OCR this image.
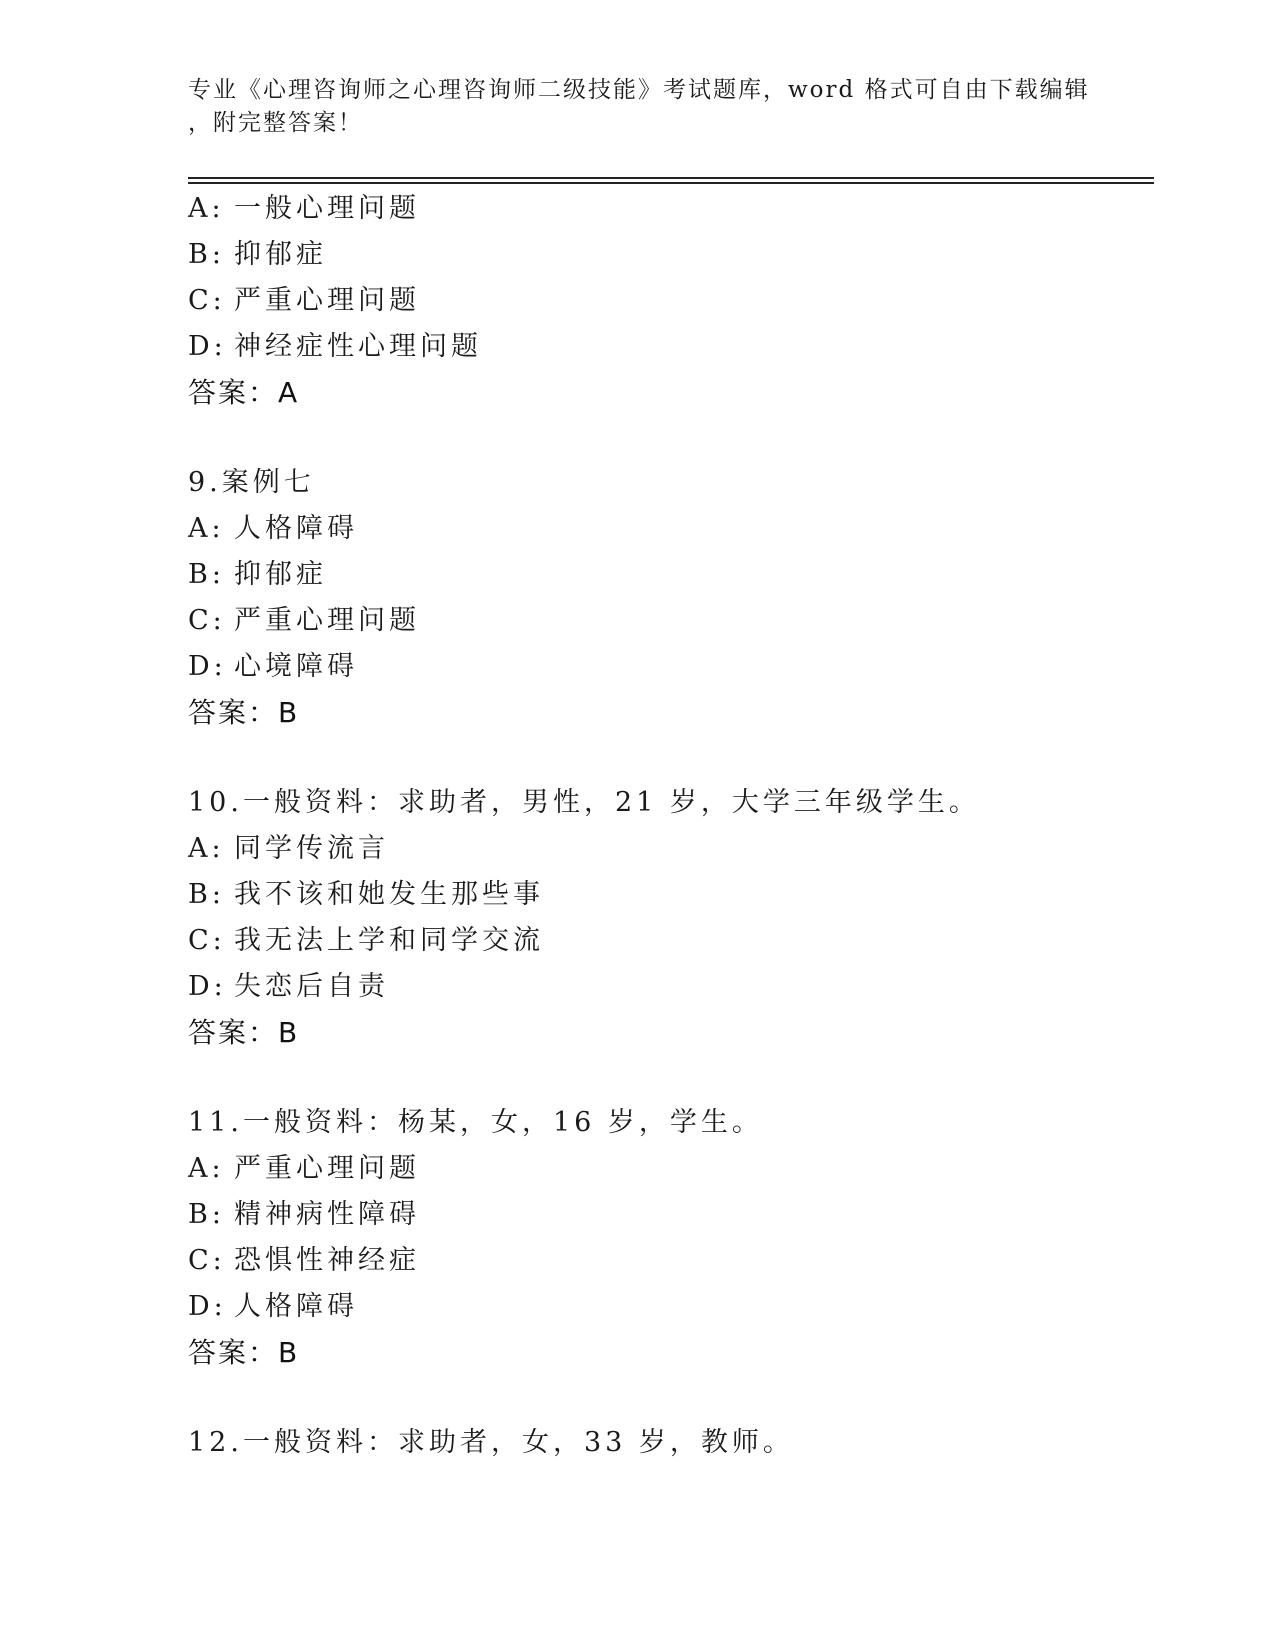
专业《心理咨询师之心理咨询师二级技能》考试题库，word 格式可自由下载编辑
，附完整答案！
A: 一般心理问题
B: 抑郁症
C: 严重心理问题
D: 神经症性心理问题
答案：A
9.案例七
A: 人格障碍
B: 抑郁症
C: 严重心理问题
D: 心境障碍
答案：B
10.一般资料：求助者，男性，21 岁，大学三年级学生。
A: 同学传流言
B: 我不该和她发生那些事
C: 我无法上学和同学交流
D: 失恋后自责
答案：B
11.一般资料：杨某，女，16 岁，学生。
A: 严重心理问题
B: 精神病性障碍
C: 恐惧性神经症
D: 人格障碍
答案：B
12.一般资料：求助者，女，33 岁，教师。
